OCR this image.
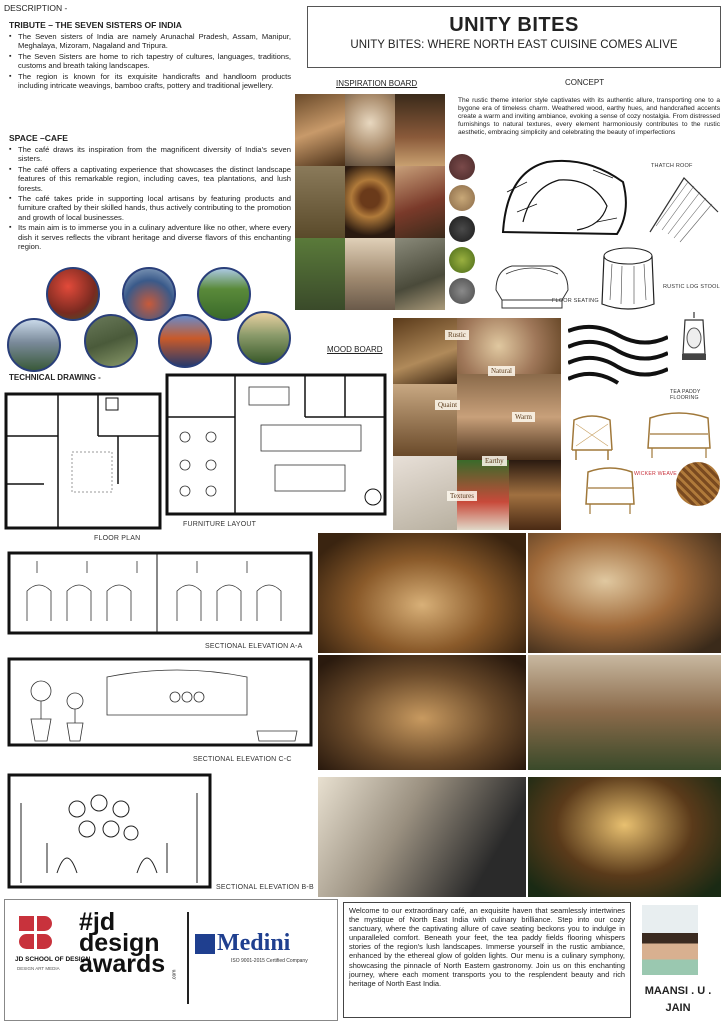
DESCRIPTION -
UNITY BITES
UNITY BITES: WHERE NORTH EAST CUISINE COMES ALIVE
TRIBUTE – THE SEVEN SISTERS OF INDIA
▪ The Seven sisters of India are namely Arunachal Pradesh, Assam, Manipur, Meghalaya, Mizoram, Nagaland and Tripura.
▪ The Seven Sisters are home to rich tapestry of cultures, languages, traditions, customs and breath taking landscapes.
▪ The region is known for its exquisite handicrafts and handloom products including intricate weavings, bamboo crafts, pottery and traditional jewellery.
SPACE –CAFE
▪ The café draws its inspiration from the magnificent diversity of India's seven sisters.
▪ The café offers a captivating experience that showcases the distinct landscape features of this remarkable region, including caves, tea plantations, and lush forests.
▪ The café takes pride in supporting local artisans by featuring products and furniture crafted by their skilled hands, thus actively contributing to the promotion and growth of local businesses.
▪ Its main aim is to immerse you in a culinary adventure like no other, where every dish it serves reflects the vibrant heritage and diverse flavors of this enchanting region.
INSPIRATION BOARD	CONCEPT
The rustic theme interior style captivates with its authentic allure, transporting one to a bygone era of timeless charm. Weathered wood, earthy hues, and handcrafted accents create a warm and inviting ambiance, evoking a sense of cozy nostalgia. From distressed furnishings to natural textures, every element harmoniously contributes to the rustic aesthetic, embracing simplicity and celebrating the beauty of imperfections
THATCH ROOF
FLOOR SEATING
RUSTIC LOG STOOL
MOOD BOARD
Rustic
Natural
Quaint
Warm
Earthy
Textures
TEA PADDY FLOORING
WICKER WEAVE
TECHNICAL DRAWING -
FLOOR PLAN
FURNITURE LAYOUT
SECTIONAL ELEVATION A-A
SECTIONAL ELEVATION C-C
SECTIONAL ELEVATION B-B
JD SCHOOL OF DESIGN
DESIGN ART MEDIA
#jd design awards .com
Medini
ISO 9001-2015 Certified Company
Welcome to our extraordinary café, an exquisite haven that seamlessly intertwines the mystique of North East India with culinary brilliance. Step into our cozy sanctuary, where the captivating allure of cave seating beckons you to indulge in unparalleled comfort. Beneath your feet, the tea paddy fields flooring whispers stories of the region's lush landscapes. Immerse yourself in the rustic ambiance, enhanced by the ethereal glow of golden lights. Our menu is a culinary symphony, showcasing the pinnacle of North Eastern gastronomy. Join us on this enchanting journey, where each moment transports you to the resplendent beauty and rich heritage of North East India.
MAANSI . U . JAIN
